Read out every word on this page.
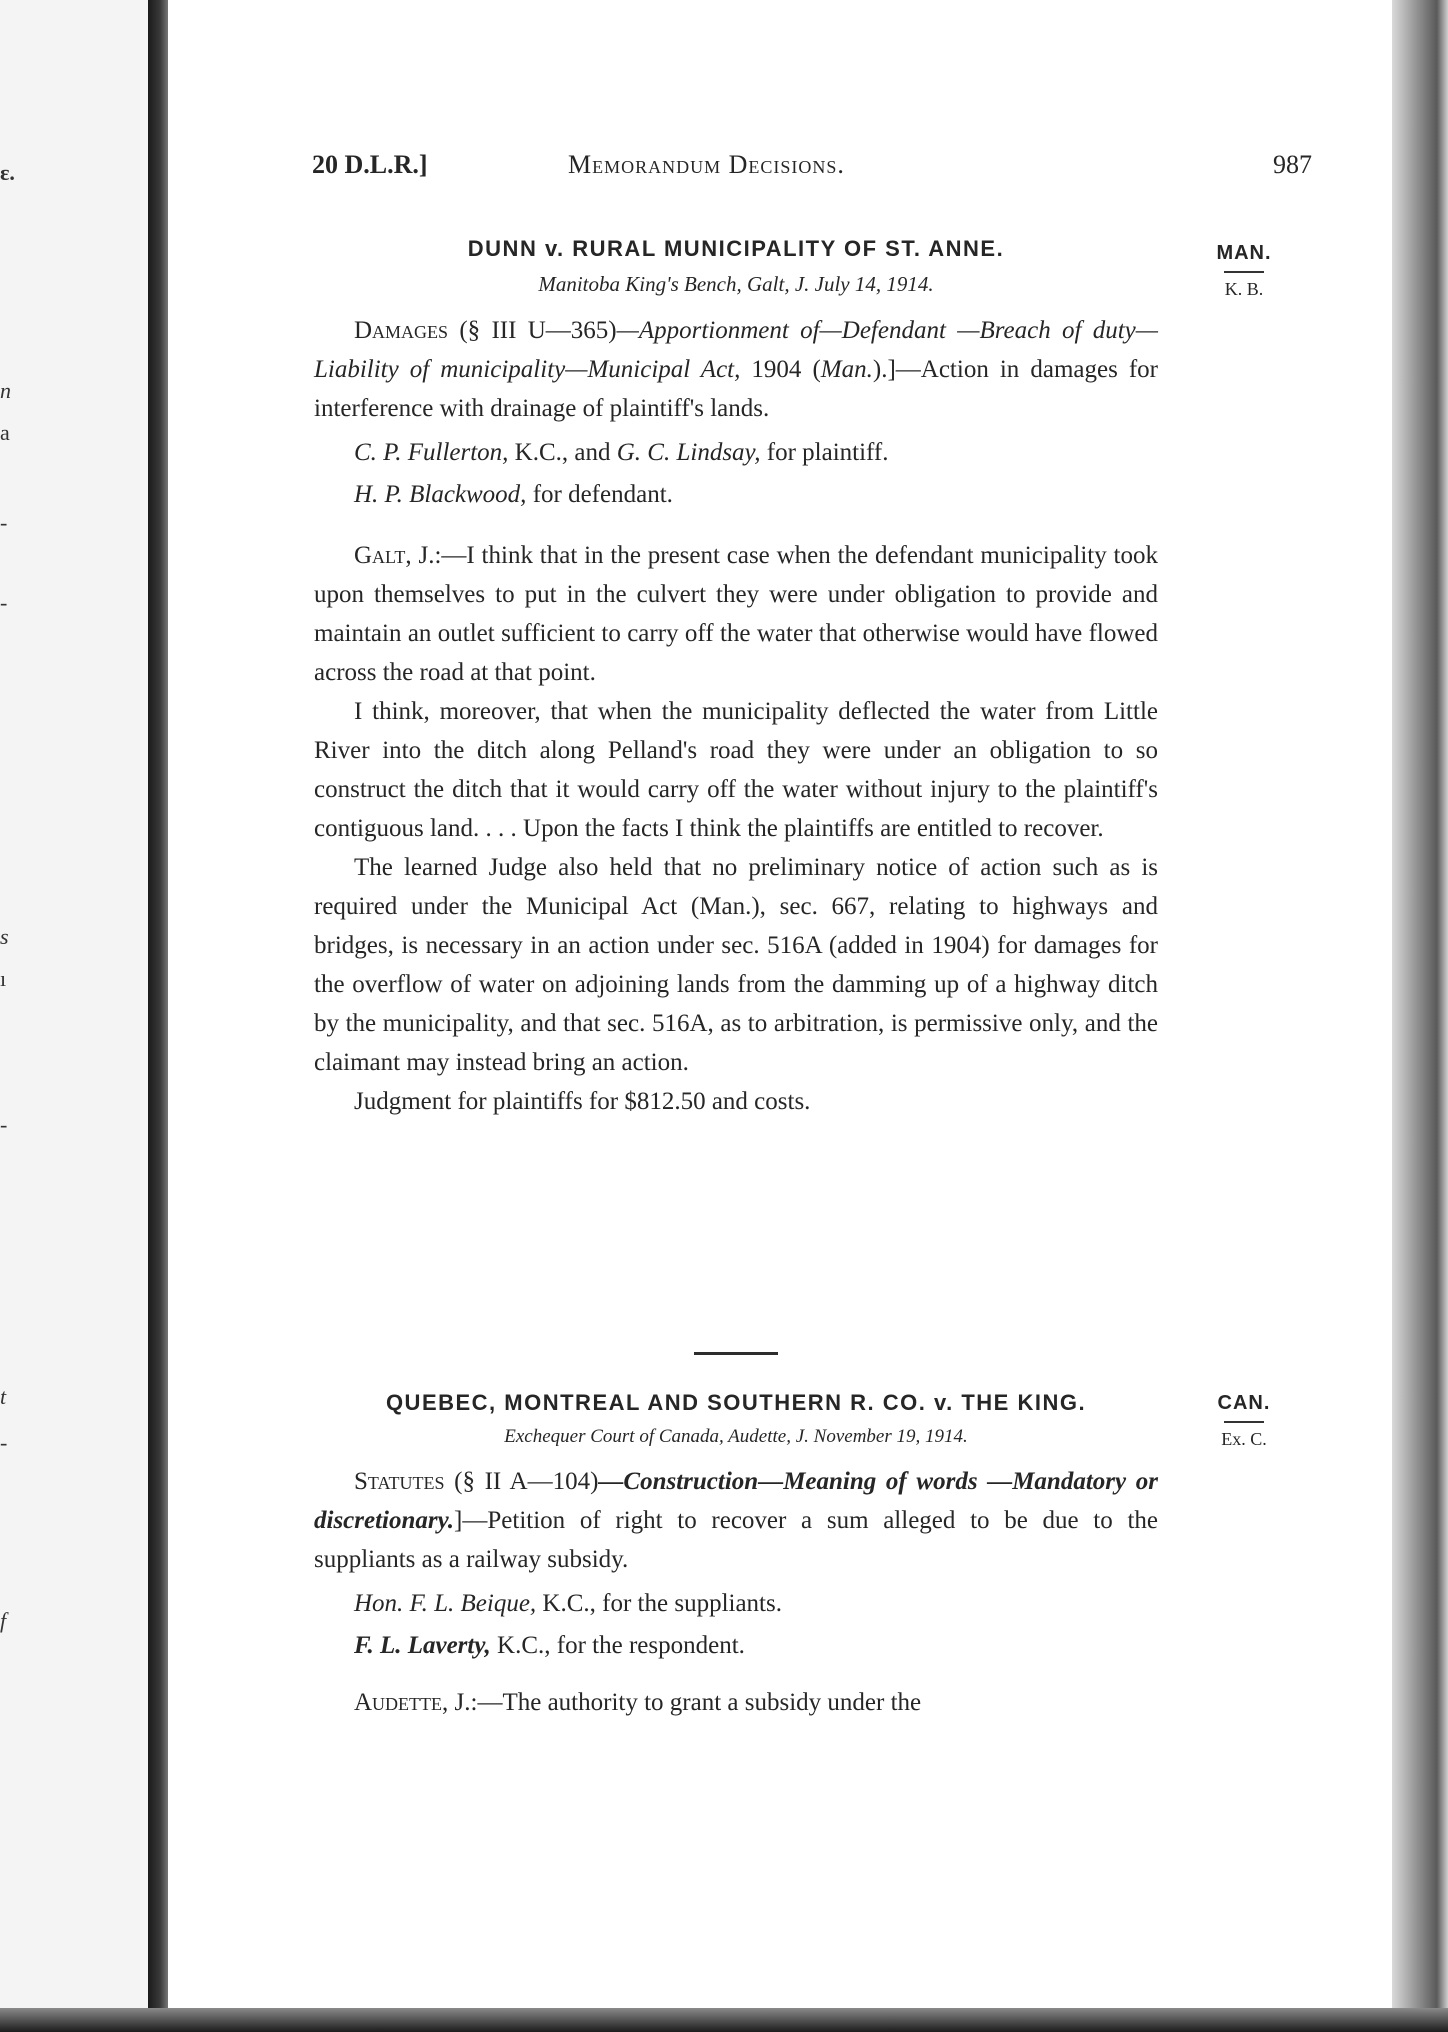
ɛ.
n
a
-
-
s
ı
-
t
-
f
20 D.L.R.]	Memorandum Decisions.	987
MAN.
K. B.
CAN.
Ex. C.
DUNN v. RURAL MUNICIPALITY OF ST. ANNE.
Manitoba King's Bench, Galt, J. July 14, 1914.

Damages (§ III U—365)—Apportionment of—Defendant —Breach of duty—Liability of municipality—Municipal Act, 1904 (Man.).]—Action in damages for interference with drainage of plaintiff's lands.

C. P. Fullerton, K.C., and G. C. Lindsay, for plaintiff.
H. P. Blackwood, for defendant.

Galt, J.:—I think that in the present case when the defendant municipality took upon themselves to put in the culvert they were under obligation to provide and maintain an outlet sufficient to carry off the water that otherwise would have flowed across the road at that point.

I think, moreover, that when the municipality deflected the water from Little River into the ditch along Pelland's road they were under an obligation to so construct the ditch that it would carry off the water without injury to the plaintiff's contiguous land. . . . Upon the facts I think the plaintiffs are entitled to recover.

The learned Judge also held that no preliminary notice of action such as is required under the Municipal Act (Man.), sec. 667, relating to highways and bridges, is necessary in an action under sec. 516A (added in 1904) for damages for the overflow of water on adjoining lands from the damming up of a highway ditch by the municipality, and that sec. 516A, as to arbitration, is permissive only, and the claimant may instead bring an action.

Judgment for plaintiffs for $812.50 and costs.

QUEBEC, MONTREAL AND SOUTHERN R. CO. v. THE KING.
Exchequer Court of Canada, Audette, J. November 19, 1914.

Statutes (§ II A—104)—Construction—Meaning of words —Mandatory or discretionary.]—Petition of right to recover a sum alleged to be due to the suppliants as a railway subsidy.

Hon. F. L. Beique, K.C., for the suppliants.
F. L. Laverty, K.C., for the respondent.

Audette, J.:—The authority to grant a subsidy under the
